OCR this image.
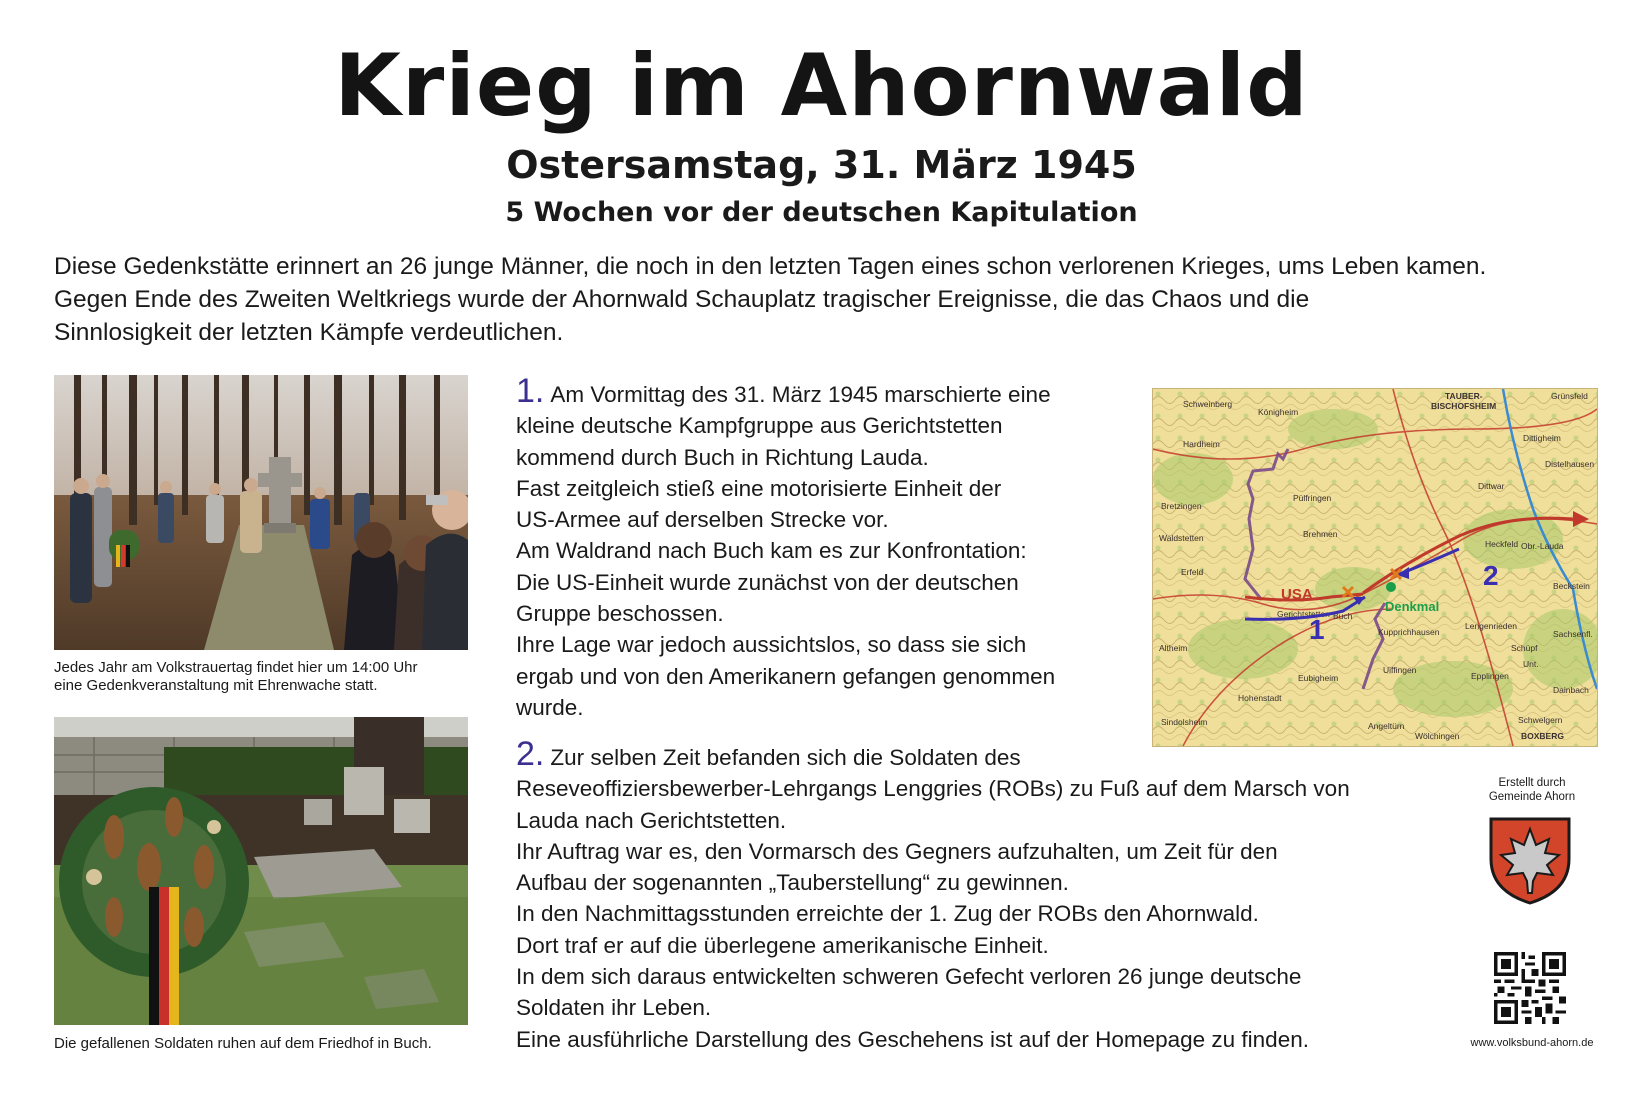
Krieg im Ahornwald
Ostersamstag, 31. März 1945
5 Wochen vor der deutschen Kapitulation

Diese Gedenkstätte erinnert an 26 junge Männer, die noch in den letzten Tagen eines schon verlorenen Krieges, ums Leben kamen.

Gegen Ende des Zweiten Weltkriegs wurde der Ahornwald Schauplatz tragischer Ereignisse, die das Chaos und die

Sinnlosigkeit der letzten Kämpfe verdeutlichen.

Jedes Jahr am Volkstrauertag findet hier um 14:00 Uhr
eine Gedenkveranstaltung mit Ehrenwache statt.
Die gefallenen Soldaten ruhen auf dem Friedhof in Buch.

1. Am Vormittag des 31. März 1945 marschierte eine

kleine deutsche Kampfgruppe aus Gerichtstetten

kommend durch Buch in Richtung Lauda.

Fast zeitgleich stieß eine motorisierte Einheit der

US-Armee auf derselben Strecke vor.

Am Waldrand nach Buch kam es zur Konfrontation:

Die US-Einheit wurde zunächst von der deutschen

Gruppe beschossen.

Ihre Lage war jedoch aussichtslos, so dass sie sich

ergab und von den Amerikanern gefangen genommen

wurde.

2. Zur selben Zeit befanden sich die Soldaten des

Reseveoffiziersbewerber-Lehrgangs Lenggries (ROBs) zu Fuß auf dem Marsch von

Lauda nach Gerichtstetten.

Ihr Auftrag war es, den Vormarsch des Gegners aufzuhalten, um Zeit für den

Aufbau der sogenannten „Tauberstellung“ zu gewinnen.

In den Nachmittagsstunden erreichte der 1. Zug der ROBs den Ahornwald.

Dort traf er auf die überlegene amerikanische Einheit.

In dem sich daraus entwickelten schweren Gefecht verloren 26 junge deutsche

Soldaten ihr Leben.

Eine ausführliche Darstellung des Geschehens ist auf der Homepage zu finden.

Schweinberg
Königheim
TAUBER-
BISCHOFSHEIM
Grünsfeld
Hardheim
Dittigheim
Distelhausen
Bretzingen
Pülfringen
Dittwar
Brehmen
Waldstetten
Erfeld
Gerichtstetten Buch
Heckfeld Obr.-Lauda
Beckstein
Lengenrieden
Kupprichhausen
Altheim
Eubigheim
Uiffingen
Hohenstadt
Schüpf
Unt.
Sachsenfl.
Dainbach
Epplingen
Angeltürn
Schwelgern
BOXBERG
Wölchingen
Sindolsheim
USA
Denkmal
1
2
Erstellt durch
Gemeinde Ahorn
www.volksbund-ahorn.de
